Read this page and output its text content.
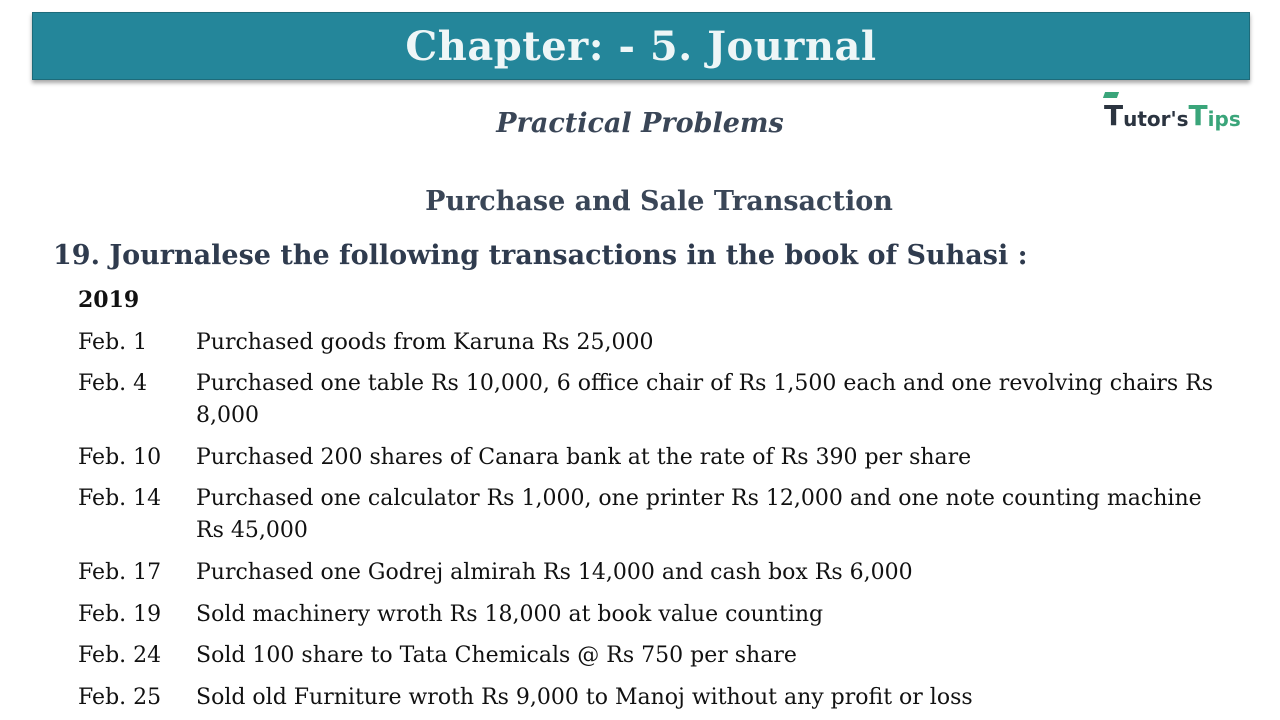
Chapter: - 5. Journal
T utor's T ips
Practical Problems
Purchase and Sale Transaction
19. Journalese the following transactions in the book of Suhasi :
2019
Feb. 1	Purchased goods from Karuna Rs 25,000
Feb. 4	Purchased one table Rs 10,000, 6 office chair of Rs 1,500 each and one revolving chairs Rs 8,000
Feb. 10	Purchased 200 shares of Canara bank at the rate of Rs 390 per share
Feb. 14	Purchased one calculator Rs 1,000, one printer Rs 12,000 and one note counting machine Rs 45,000
Feb. 17	Purchased one Godrej almirah Rs 14,000 and cash box Rs 6,000
Feb. 19	Sold machinery wroth Rs 18,000 at book value counting
Feb. 24	Sold 100 share to Tata Chemicals @ Rs 750 per share
Feb. 25	Sold old Furniture wroth Rs 9,000 to Manoj without any profit or loss
